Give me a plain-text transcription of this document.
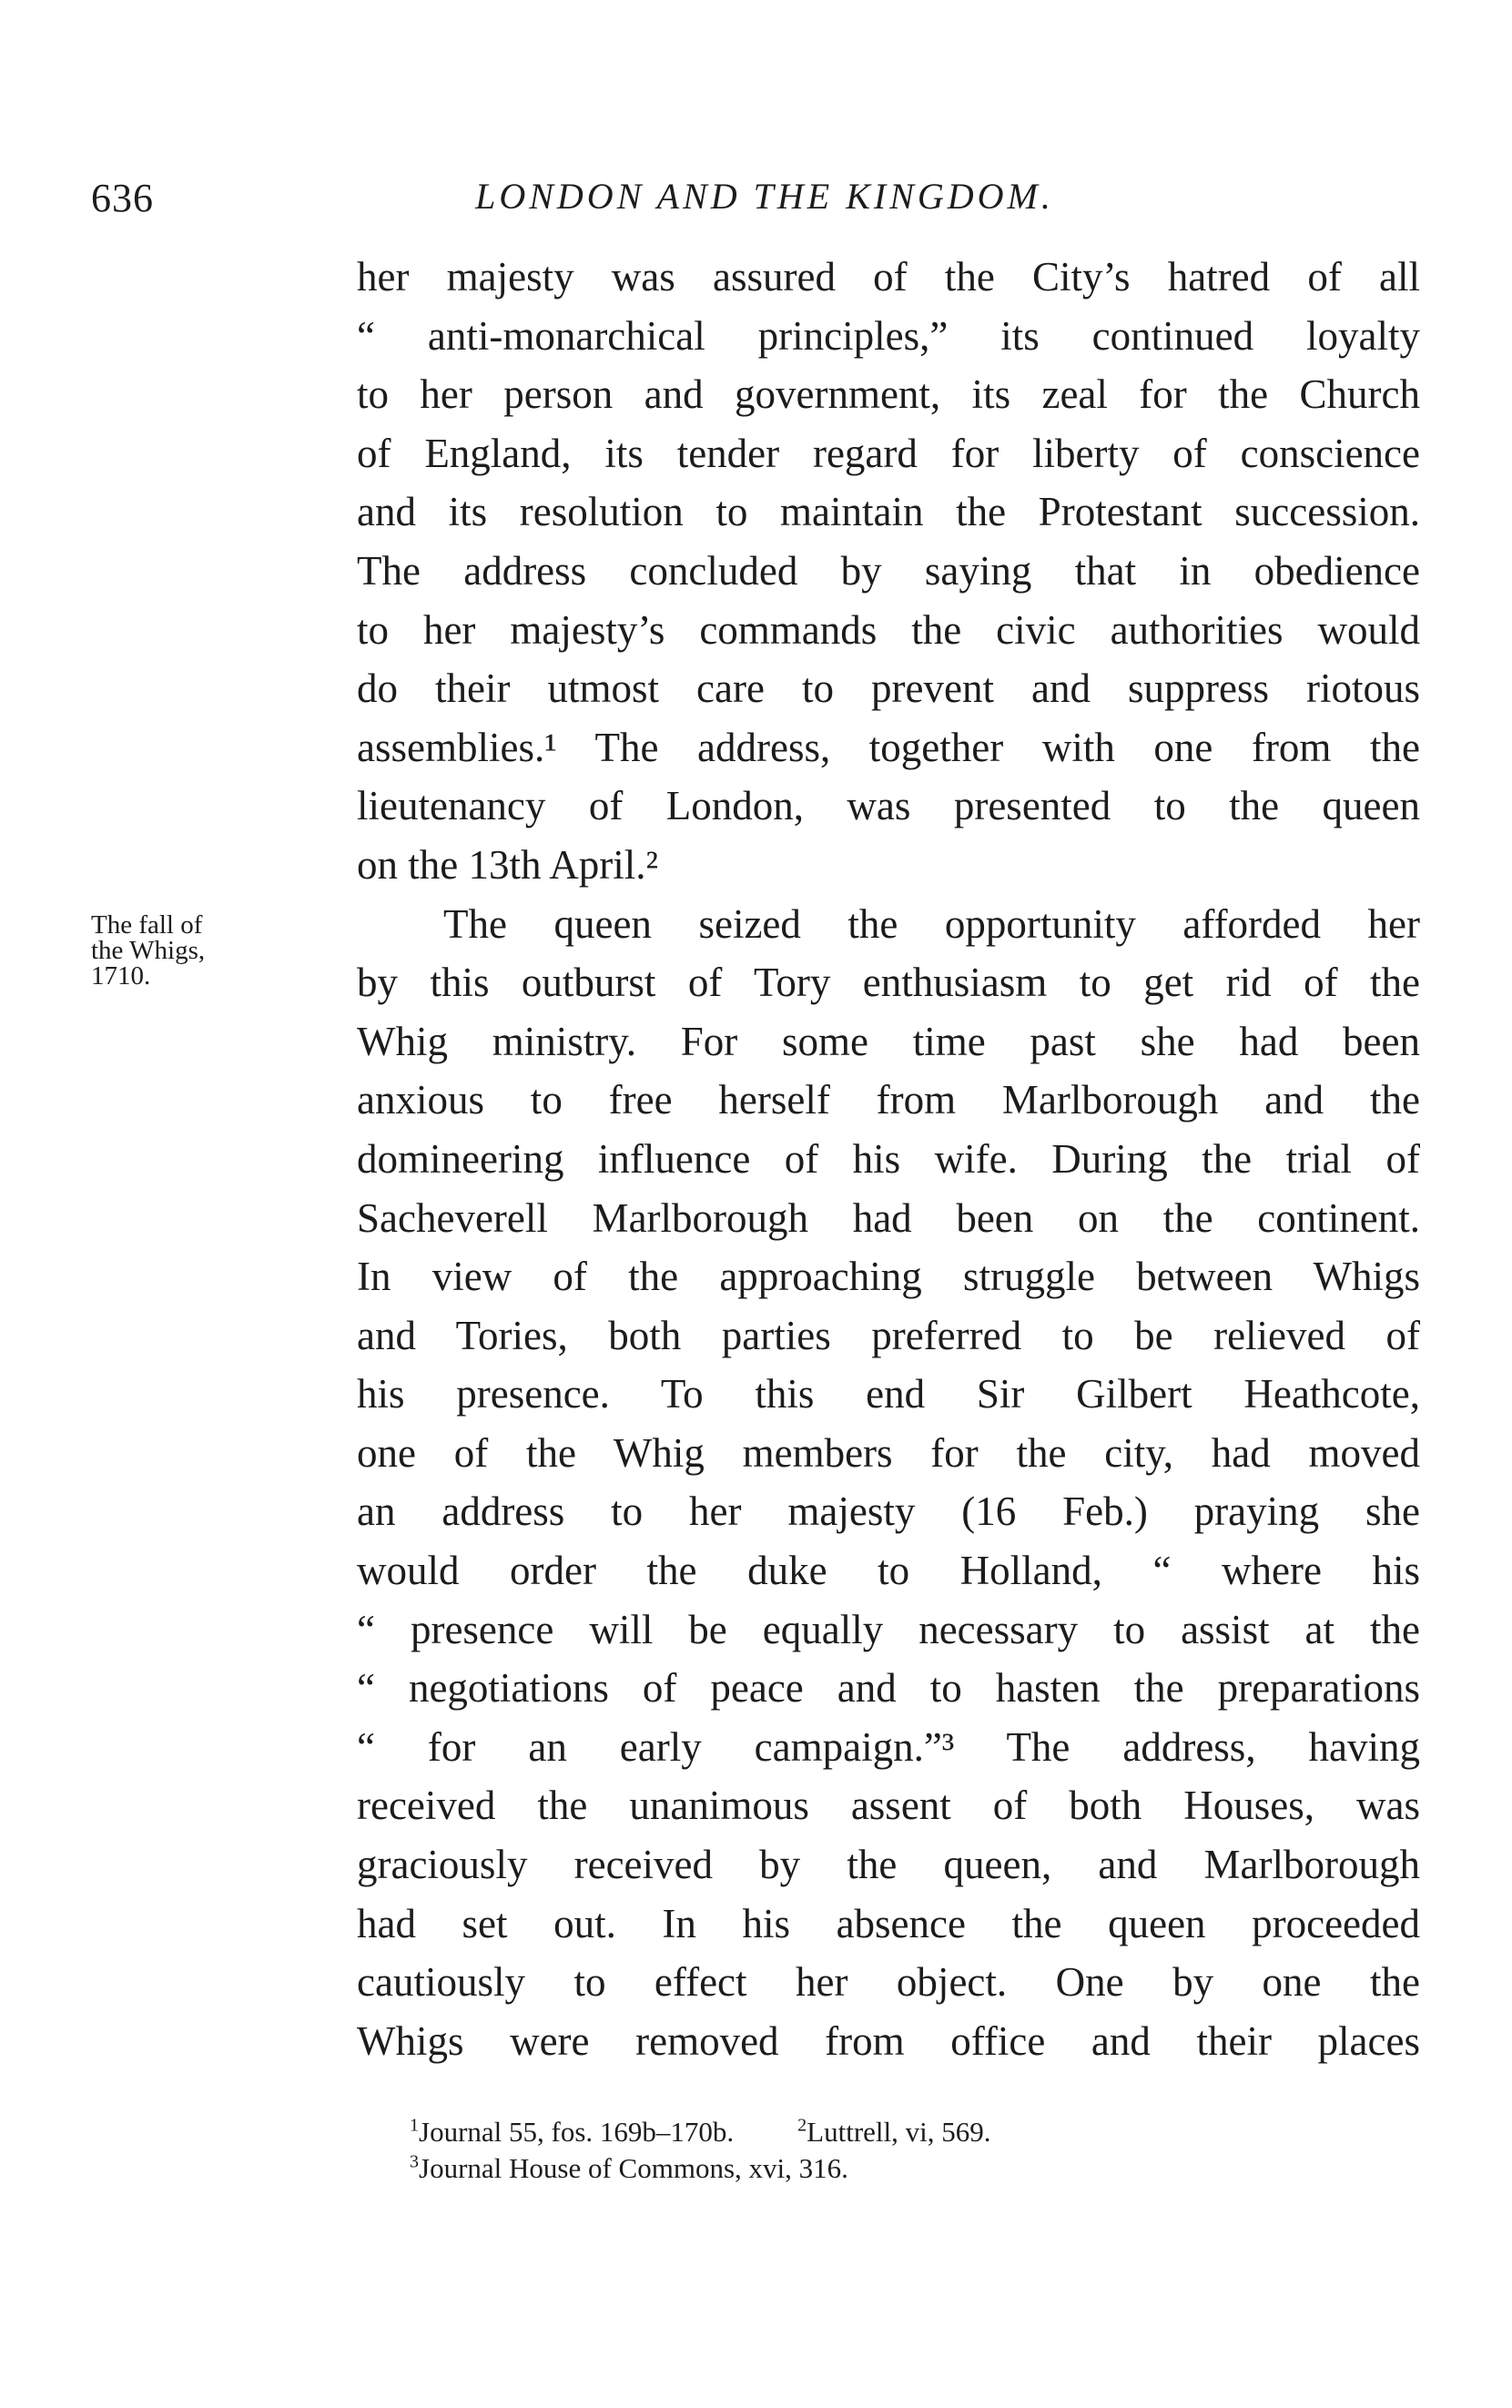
636	LONDON AND THE KINGDOM.
The fall of
the Whigs,
1710.
her majesty was assured of the City’s hatred of all
“ anti-monarchical principles,” its continued loyalty
to her person and government, its zeal for the Church
of England, its tender regard for liberty of conscience
and its resolution to maintain the Protestant succession.
The address concluded by saying that in obedience
to her majesty’s commands the civic authorities would
do their utmost care to prevent and suppress riotous
assemblies.¹ The address, together with one from the
lieutenancy of London, was presented to the queen
on the 13th April.²
The queen seized the opportunity afforded her
by this outburst of Tory enthusiasm to get rid of the
Whig ministry. For some time past she had been
anxious to free herself from Marlborough and the
domineering influence of his wife. During the trial of
Sacheverell Marlborough had been on the continent.
In view of the approaching struggle between Whigs
and Tories, both parties preferred to be relieved of
his presence. To this end Sir Gilbert Heathcote,
one of the Whig members for the city, had moved
an address to her majesty (16 Feb.) praying she
would order the duke to Holland, “ where his
“ presence will be equally necessary to assist at the
“ negotiations of peace and to hasten the preparations
“ for an early campaign.”³ The address, having
received the unanimous assent of both Houses, was
graciously received by the queen, and Marlborough
had set out. In his absence the queen proceeded
cautiously to effect her object. One by one the
Whigs were removed from office and their places
$^1$Journal 55, fos. 169b–170b.	$^2$Luttrell, vi, 569.
$^3$Journal House of Commons, xvi, 316.
